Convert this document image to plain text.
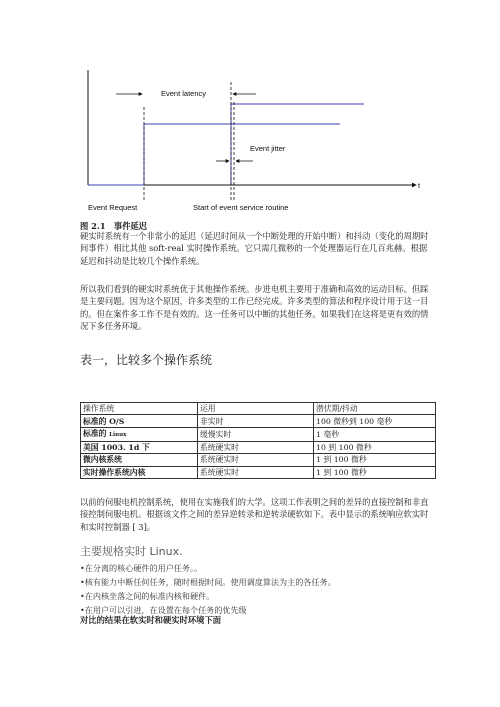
t
Event latency
Event jitter
Event Request	Start of event service routine
图 2.1　事件延迟
硬实时系统有一个非常小的延迟（延迟时间从一个中断处理的开始中断）和抖动（变化的周期时间事件）相比其他 soft-real 实时操作系统。它只需几微秒的一个处理器运行在几百兆赫。根据延迟和抖动是比较几个操作系统。
所以我们看到的硬实时系统优于其他操作系统。步进电机主要用于准确和高效的运动目标。但踩是主要问题。因为这个原因，许多类型的工作已经完成。许多类型的算法和程序设计用于这一目的。但在案件多工作不是有效的。这一任务可以中断的其他任务。如果我们在这将是更有效的情况下多任务环境。
表一，比较多个操作系统
操作系统	运用	潜伏期/抖动
标准的 O/S	非实时	100 微秒到 100 毫秒
标准的 Linux	缓慢实时	1 毫秒
美国 1003. 1d 下	系统硬实时	10 到 100 微秒
微内核系统	系统硬实时	1 到 100 微秒
实时操作系统内核	系统硬实时	1 到 100 微秒
以前的伺服电机控制系统，使用在实施我们的大学。这项工作表明之间的差异的直接控制和非直接控制伺服电机。根据该文件之间的差异逆转录和逆转录硬软如下。表中显示的系统响应软实时和实时控制器 [ 3]。
主要规格实时 Linux.
•在分离的核心硬件的用户任务。。
•核有能力中断任何任务，随时根据时间。使用调度算法为主的各任务。
•在内核坐落之间的标准内核和硬件。
•在用户可以引进，在设置在每个任务的优先级
对比的结果在软实时和硬实时环境下面
